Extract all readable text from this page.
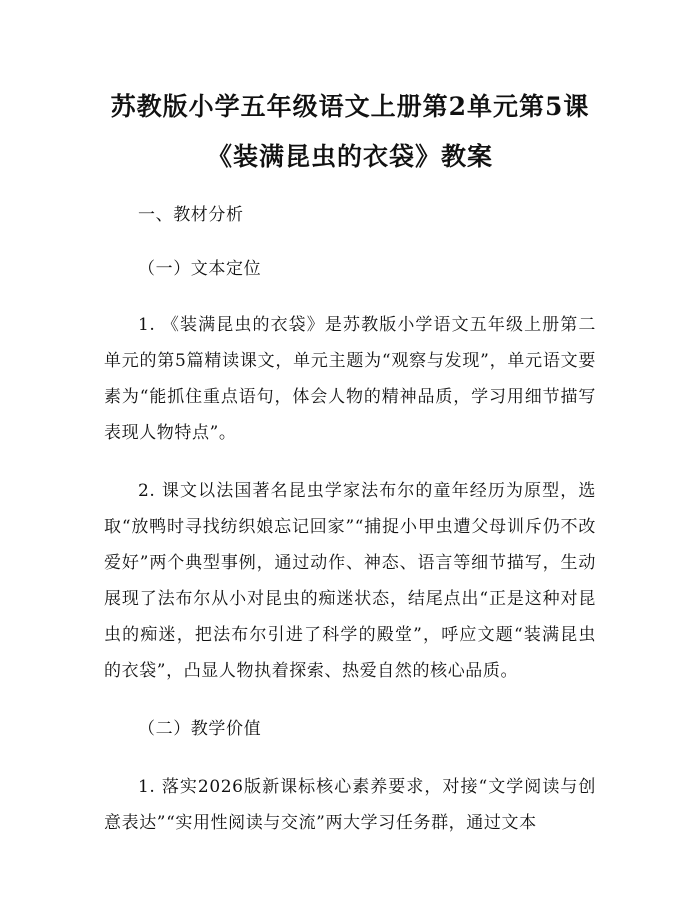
苏教版小学五年级语文上册第2单元第5课
《装满昆虫的衣袋》教案

一、教材分析

（一）文本定位

1. 《装满昆虫的衣袋》是苏教版小学语文五年级上册第二单元的第5篇精读课文，单元主题为“观察与发现”，单元语文要素为“能抓住重点语句，体会人物的精神品质，学习用细节描写表现人物特点”。

2. 课文以法国著名昆虫学家法布尔的童年经历为原型，选取“放鸭时寻找纺织娘忘记回家”“捕捉小甲虫遭父母训斥仍不改爱好”两个典型事例，通过动作、神态、语言等细节描写，生动展现了法布尔从小对昆虫的痴迷状态，结尾点出“正是这种对昆虫的痴迷，把法布尔引进了科学的殿堂”，呼应文题“装满昆虫的衣袋”，凸显人物执着探索、热爱自然的核心品质。

（二）教学价值

1. 落实2026版新课标核心素养要求，对接“文学阅读与创意表达”“实用性阅读与交流”两大学习任务群，通过文本
